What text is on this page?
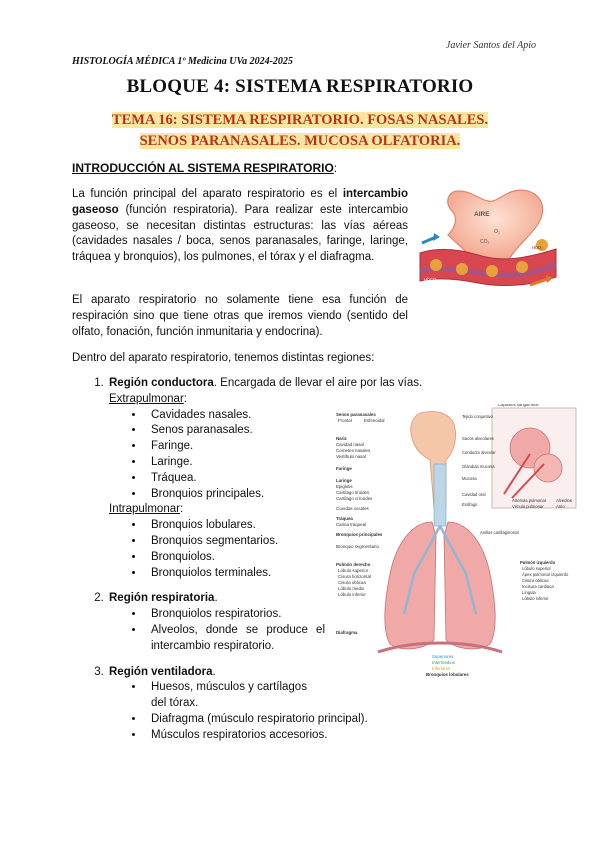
Javier Santos del Apio
HISTOLOGÍA MÉDICA 1º Medicina UVa 2024-2025
BLOQUE 4: SISTEMA RESPIRATORIO
TEMA 16: SISTEMA RESPIRATORIO. FOSAS NASALES. SENOS PARANASALES. MUCOSA OLFATORIA.
INTRODUCCIÓN AL SISTEMA RESPIRATORIO:
La función principal del aparato respiratorio es el intercambio gaseoso (función respiratoria). Para realizar este intercambio gaseoso, se necesitan distintas estructuras: las vías aéreas (cavidades nasales / boca, senos paranasales, faringe, laringe, tráquea y bronquios), los pulmones, el tórax y el diafragma.
El aparato respiratorio no solamente tiene esa función de respiración sino que tiene otras que iremos viendo (sentido del olfato, fonación, función inmunitaria y endocrina).
Dentro del aparato respiratorio, tenemos distintas regiones:
1. Región conductora. Encargada de llevar el aire por las vías.
Extrapulmonar:
• Cavidades nasales.
• Senos paranasales.
• Faringe.
• Laringe.
• Tráquea.
• Bronquios principales.
Intrapulmonar:
• Bronquios lobulares.
• Bronquios segmentarios.
• Bronquiolos.
• Bronquiolos terminales.
2. Región respiratoria.
• Bronquiolos respiratorios.
• Alveolos, donde se produce el intercambio respiratorio.
3. Región ventiladora.
• Huesos, músculos y cartílagos del tórax.
• Diafragma (músculo respiratorio principal).
• Músculos respiratorios accesorios.
AIRE
O₂
CO₂
HbO₂
HbCO₂
Senos paranasales
Frontal	Esfenoidal
Nariz
Cavidad nasal
Cornetes nasales
Vestíbulo nasal
Faringe
Laringe
Epiglotis
Cartílago tiroides
Cartílago cricoides
Cuerdas vocales
Tráquea
Carina traqueal
Bronquios principales
Bronquio segmentario
Pulmón derecho
Lóbulo superior
Cisura horizontal
Cisura oblicua
Lóbulo medio
Lóbulo inferior
Diafragma
Capilares sanguíneos
Tejido conjuntivo
Sacos alveolares
Conducto alveolar
Glándula mucosa
Mucosa
Cavidad oral
Esófago
Anillos cartilaginosos
Pulmón izquierdo
Lóbulo superior
Ápex pulmonar izquierdo
Cisura oblicua
Incisura cardiaca
Língula
Lóbulo inferior
Arteriola pulmonar
Vénula pulmonar
Alveolos
Atrio
Superiores
Intermedios
Inferiores
Bronquios lobulares
